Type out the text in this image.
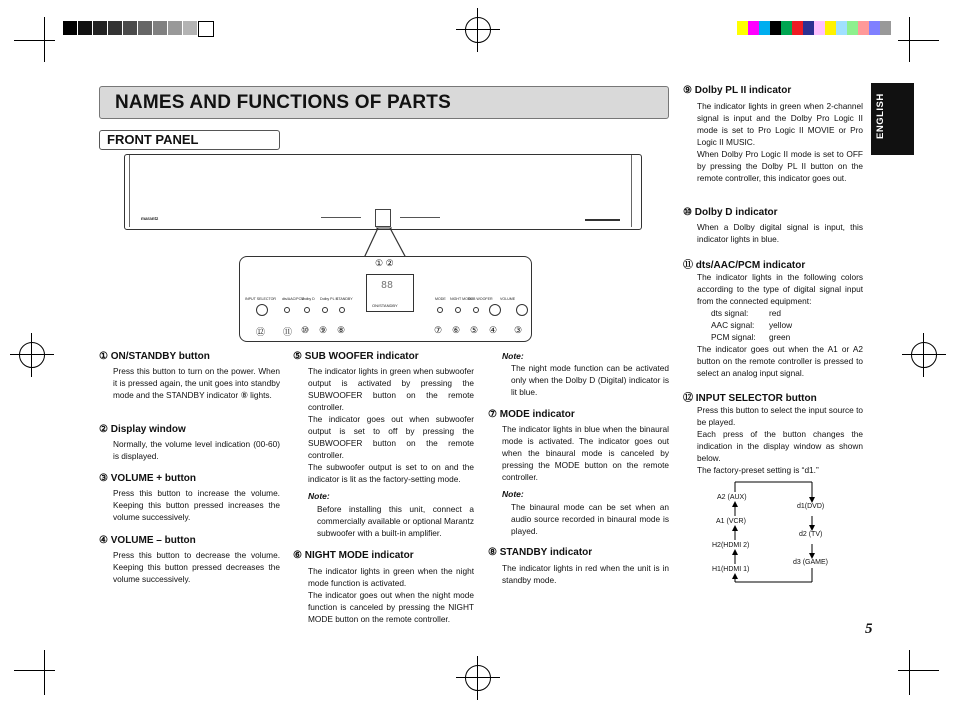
NAMES AND FUNCTIONS OF PARTS
FRONT PANEL
ENGLISH
marantz
88
ON/STANDBY
INPUT SELECTOR dts/AAC/PCM
Dolby D Dolby PL II
STANDBY	MODE NIGHT MODE
SUB WOOFER VOLUME
① ②
⑫ ⑪ ⑩ ⑨ ⑧	⑦ ⑥ ⑤ ④ ③
① ON/STANDBY button
Press this button to turn on the power. When it is pressed again, the unit goes into standby mode and the STANDBY indicator ⑧ lights.
② Display window
Normally, the volume level indication (00-60) is displayed.
③ VOLUME + button
Press this button to increase the volume. Keeping this button pressed increases the volume successively.
④ VOLUME – button
Press this button to decrease the volume. Keeping this button pressed decreases the volume successively.
⑤ SUB WOOFER indicator
The indicator lights in green when subwoofer output is activated by pressing the SUBWOOFER button on the remote controller.
The indicator goes out when subwoofer output is set to off by pressing the SUBWOOFER button on the remote controller.
The subwoofer output is set to on and the indicator is lit as the factory-setting mode.
Note:
Before installing this unit, connect a commercially available or optional Marantz subwoofer with a built-in amplifier.
⑥ NIGHT MODE indicator
The indicator lights in green when the night mode function is activated.
The indicator goes out when the night mode function is canceled by pressing the NIGHT MODE button on the remote controller.
Note:
The night mode function can be activated only when the Dolby D (Digital) indicator is lit blue.
⑦ MODE indicator
The indicator lights in blue when the binaural mode is activated. The indicator goes out when the binaural mode is canceled by pressing the MODE button on the remote controller.
Note:
The binaural mode can be set when an audio source recorded in binaural mode is played.
⑧ STANDBY indicator
The indicator lights in red when the unit is in standby mode.
⑨ Dolby PL II indicator
The indicator lights in green when 2-channel signal is input and the Dolby Pro Logic II mode is set to Pro Logic II MOVIE or Pro Logic II MUSIC.
When Dolby Pro Logic II mode is set to OFF by pressing the Dolby PL II button on the remote controller, this indicator goes out.
⑩ Dolby D indicator
When a Dolby digital signal is input, this indicator lights in blue.
⑪ dts/AAC/PCM indicator
The indicator lights in the following colors according to the type of digital signal input from the connected equipment:
dts signal: red
AAC signal: yellow
PCM signal: green
The indicator goes out when the A1 or A2 button on the remote controller is pressed to select an analog input signal.
⑫ INPUT SELECTOR button
Press this button to select the input source to be played.
Each press of the button changes the indication in the display window as shown below.
The factory-preset setting is “d1.”
A2 (AUX)
A1 (VCR)
H2(HDMI 2)
H1(HDMI 1)
d1(DVD)
d2 (TV)
d3 (GAME)
5
